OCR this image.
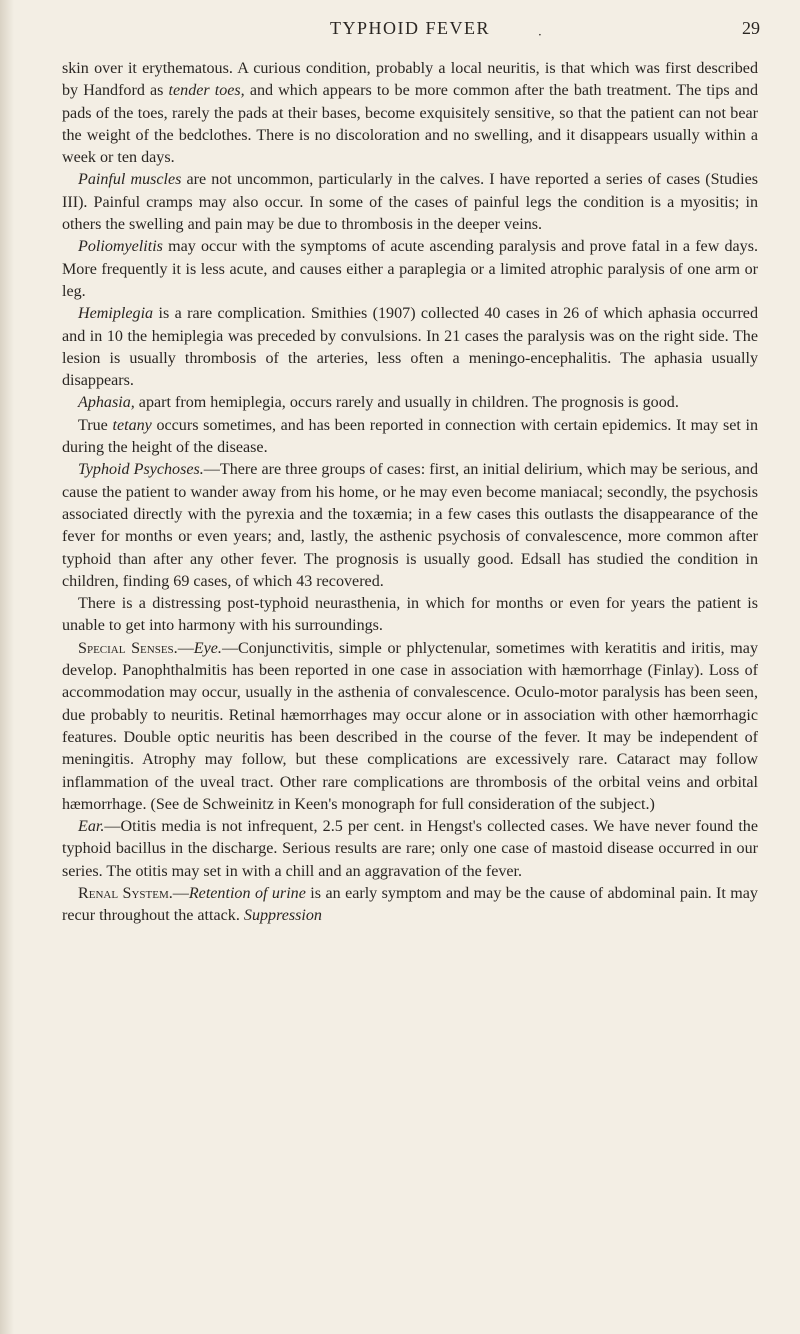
TYPHOID FEVER	·	29

skin over it erythematous. A curious condition, probably a local neuritis, is that which was first described by Handford as tender toes, and which appears to be more common after the bath treatment. The tips and pads of the toes, rarely the pads at their bases, become exquisitely sensitive, so that the patient can not bear the weight of the bedclothes. There is no discoloration and no swelling, and it disappears usually within a week or ten days.

Painful muscles are not uncommon, particularly in the calves. I have reported a series of cases (Studies III). Painful cramps may also occur. In some of the cases of painful legs the condition is a myositis; in others the swelling and pain may be due to thrombosis in the deeper veins.

Poliomyelitis may occur with the symptoms of acute ascending paralysis and prove fatal in a few days. More frequently it is less acute, and causes either a paraplegia or a limited atrophic paralysis of one arm or leg.

Hemiplegia is a rare complication. Smithies (1907) collected 40 cases in 26 of which aphasia occurred and in 10 the hemiplegia was preceded by convulsions. In 21 cases the paralysis was on the right side. The lesion is usually thrombosis of the arteries, less often a meningo-encephalitis. The aphasia usually disappears.

Aphasia, apart from hemiplegia, occurs rarely and usually in children. The prognosis is good.

True tetany occurs sometimes, and has been reported in connection with certain epidemics. It may set in during the height of the disease.

Typhoid Psychoses.—There are three groups of cases: first, an initial delirium, which may be serious, and cause the patient to wander away from his home, or he may even become maniacal; secondly, the psychosis associated directly with the pyrexia and the toxæmia; in a few cases this outlasts the disappearance of the fever for months or even years; and, lastly, the asthenic psychosis of convalescence, more common after typhoid than after any other fever. The prognosis is usually good. Edsall has studied the condition in children, finding 69 cases, of which 43 recovered.

There is a distressing post-typhoid neurasthenia, in which for months or even for years the patient is unable to get into harmony with his surroundings.

Special Senses.—Eye.—Conjunctivitis, simple or phlyctenular, sometimes with keratitis and iritis, may develop. Panophthalmitis has been reported in one case in association with hæmorrhage (Finlay). Loss of accommodation may occur, usually in the asthenia of convalescence. Oculo-motor paralysis has been seen, due probably to neuritis. Retinal hæmorrhages may occur alone or in association with other hæmorrhagic features. Double optic neuritis has been described in the course of the fever. It may be independent of meningitis. Atrophy may follow, but these complications are excessively rare. Cataract may follow inflammation of the uveal tract. Other rare complications are thrombosis of the orbital veins and orbital hæmorrhage. (See de Schweinitz in Keen's monograph for full consideration of the subject.)

Ear.—Otitis media is not infrequent, 2.5 per cent. in Hengst's collected cases. We have never found the typhoid bacillus in the discharge. Serious results are rare; only one case of mastoid disease occurred in our series. The otitis may set in with a chill and an aggravation of the fever.

Renal System.—Retention of urine is an early symptom and may be the cause of abdominal pain. It may recur throughout the attack. Suppression
